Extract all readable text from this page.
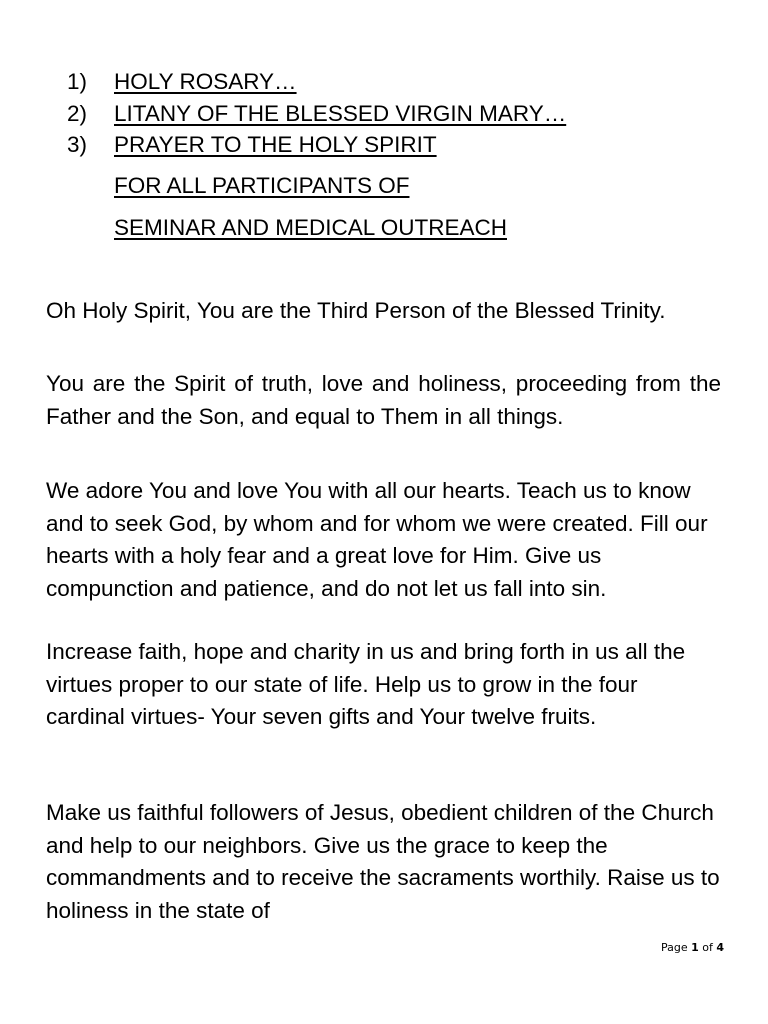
1)	HOLY ROSARY…
2)	LITANY OF THE BLESSED VIRGIN MARY…
3)	PRAYER TO THE HOLY SPIRIT
FOR ALL PARTICIPANTS OF
SEMINAR AND MEDICAL OUTREACH

Oh Holy Spirit, You are the Third Person of the Blessed Trinity.

You are the Spirit of truth, love and holiness, proceeding from the Father and the Son, and equal to Them in all things.

We adore You and love You with all our hearts. Teach us to know and to seek God, by whom and for whom we were created. Fill our hearts with a holy fear and a great love for Him. Give us compunction and patience, and do not let us fall into sin.

Increase faith, hope and charity in us and bring forth in us all the virtues proper to our state of life. Help us to grow in the four cardinal virtues- Your seven gifts and Your twelve fruits.

Make us faithful followers of Jesus, obedient children of the Church and help to our neighbors. Give us the grace to keep the commandments and to receive the sacraments worthily. Raise us to holiness in the state of

Page 1 of 4
